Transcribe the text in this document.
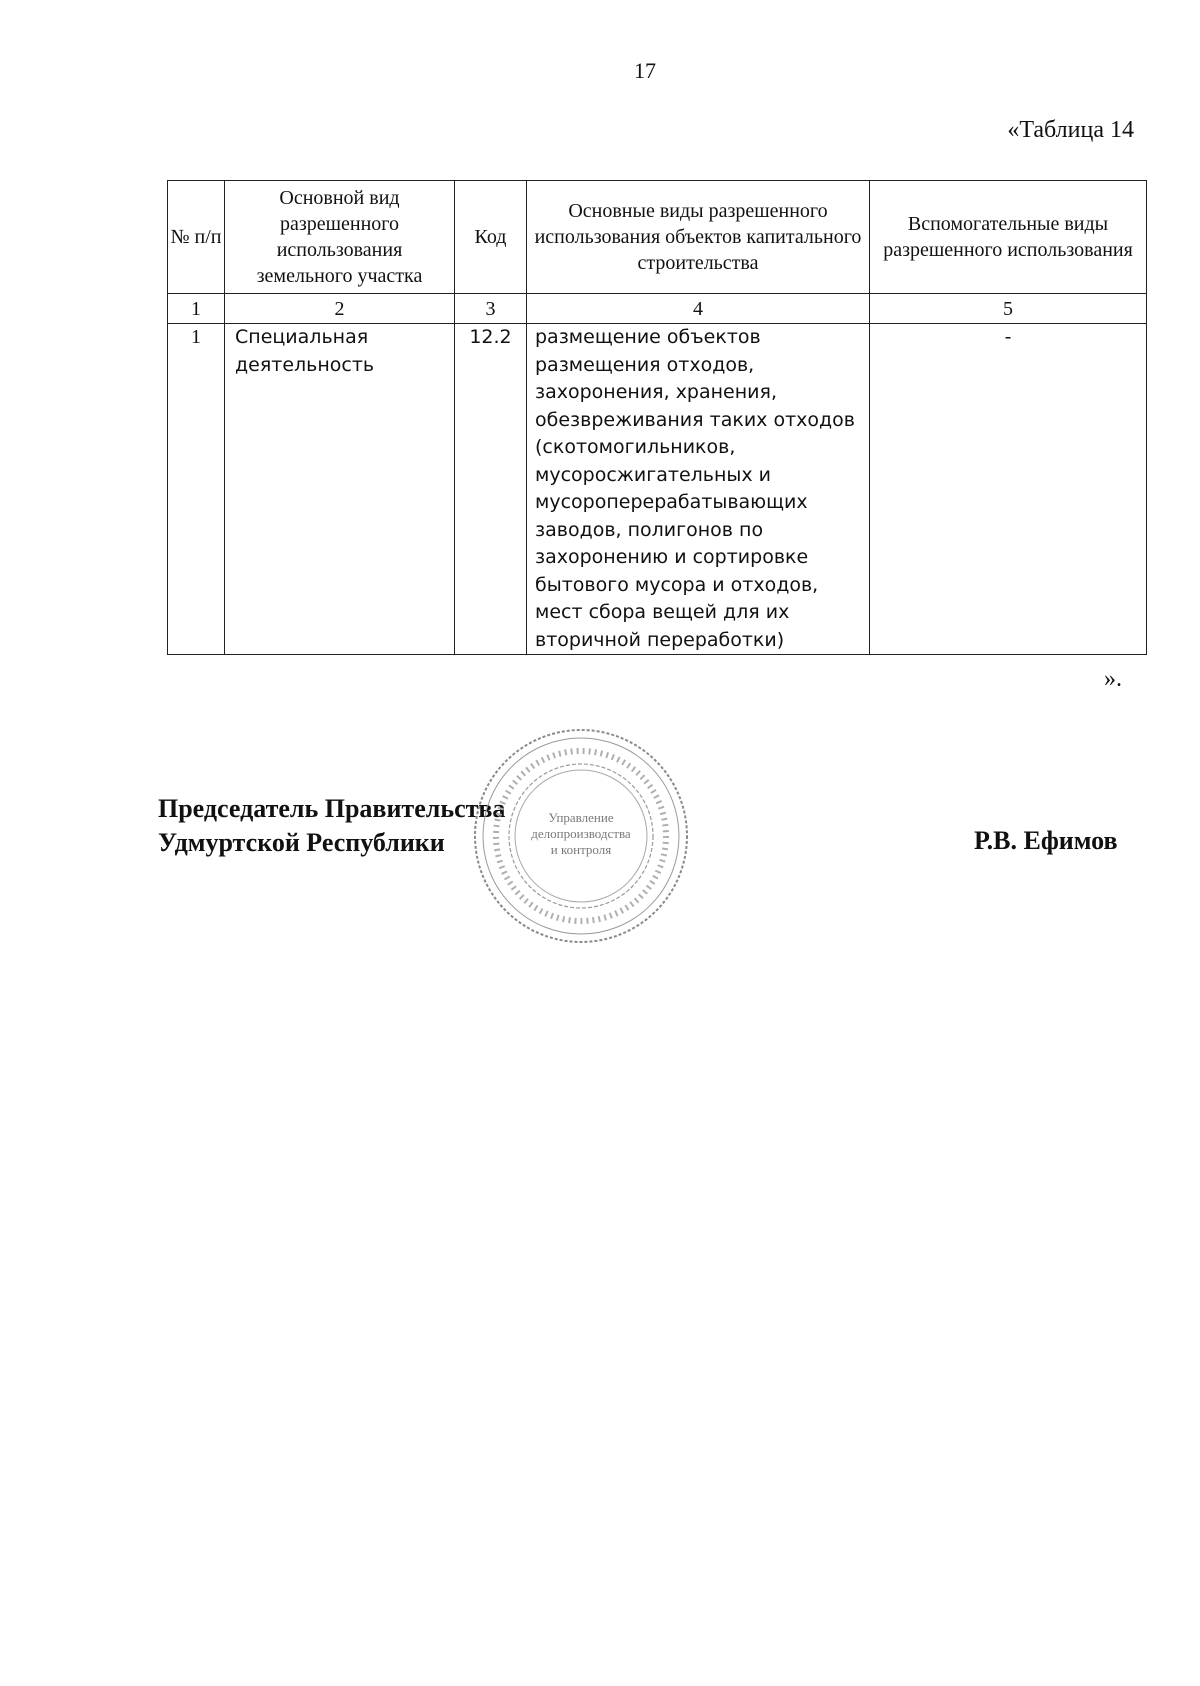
17
«Таблица 14
№ п/п	Основной вид разрешенного использования земельного участка	Код	Основные виды разрешенного использования объектов капитального строительства	Вспомогательные виды разрешенного использования
1	2	3	4	5
1	Специальная деятельность	12.2	размещение объектов размещения отходов, захоронения, хранения, обезвреживания таких отходов (скотомогильников, мусоросжигательных и мусороперерабатывающих заводов, полигонов по захоронению и сортировке бытового мусора и отходов, мест сбора вещей для их вторичной переработки)	-
».
Председатель Правительства
Удмуртской Республики	Р.В. Ефимов
Управление
делопроизводства
и контроля
